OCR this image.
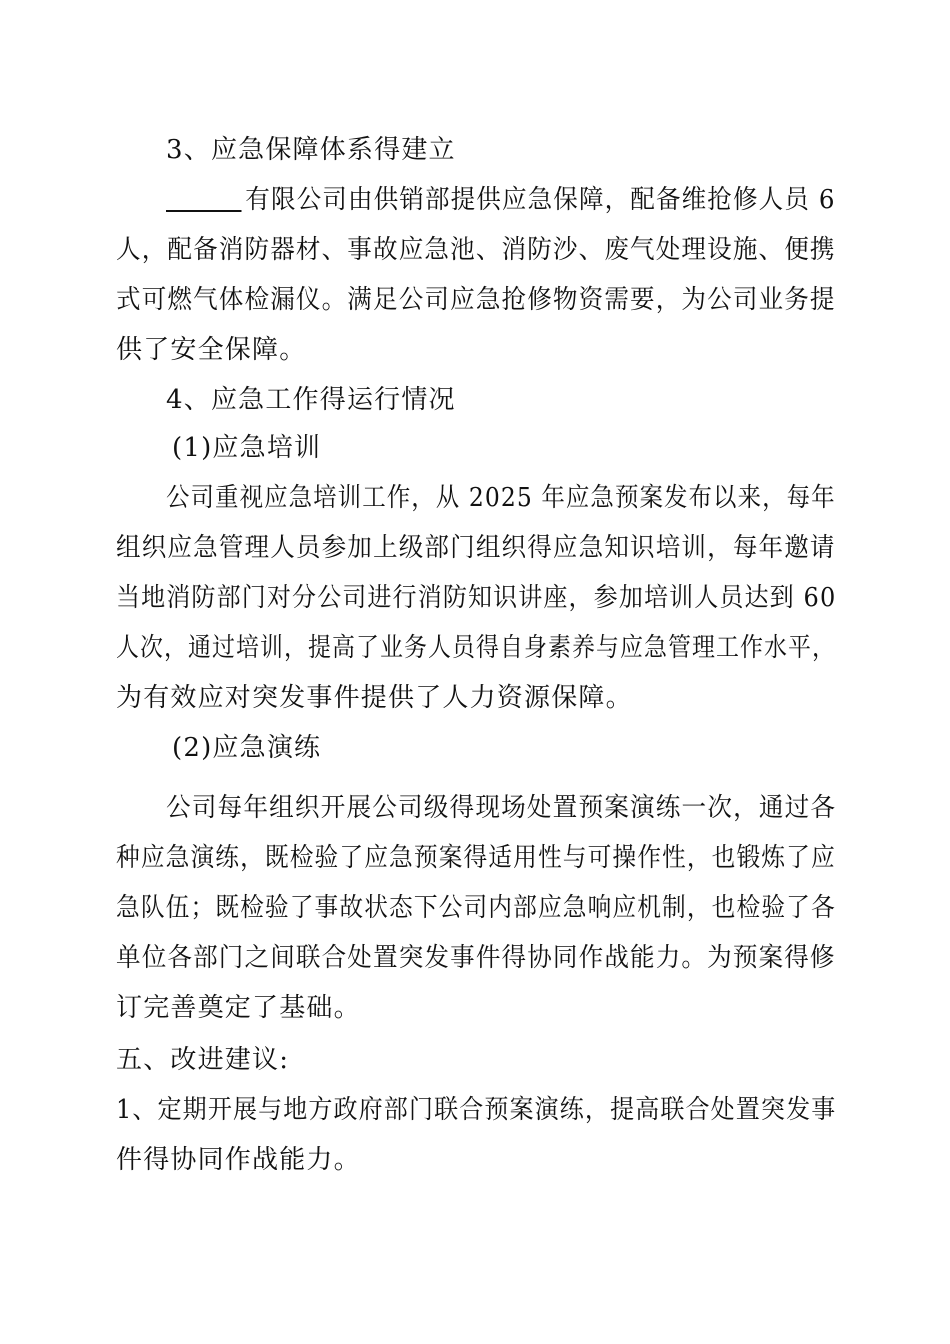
3、应急保障体系得建立
有限公司由供销部提供应急保障，配备维抢修人员 6
人，配备消防器材、事故应急池、消防沙、废气处理设施、便携
式可燃气体检漏仪。满足公司应急抢修物资需要，为公司业务提
供了安全保障。
4、应急工作得运行情况
(1)应急培训
公司重视应急培训工作，从 2025 年应急预案发布以来，每年
组织应急管理人员参加上级部门组织得应急知识培训，每年邀请
当地消防部门对分公司进行消防知识讲座，参加培训人员达到 60
人次，通过培训，提高了业务人员得自身素养与应急管理工作水平，
为有效应对突发事件提供了人力资源保障。
(2)应急演练
公司每年组织开展公司级得现场处置预案演练一次，通过各
种应急演练，既检验了应急预案得适用性与可操作性，也锻炼了应
急队伍；既检验了事故状态下公司内部应急响应机制，也检验了各
单位各部门之间联合处置突发事件得协同作战能力。为预案得修
订完善奠定了基础。
五、改进建议:
1、定期开展与地方政府部门联合预案演练，提高联合处置突发事
件得协同作战能力。
